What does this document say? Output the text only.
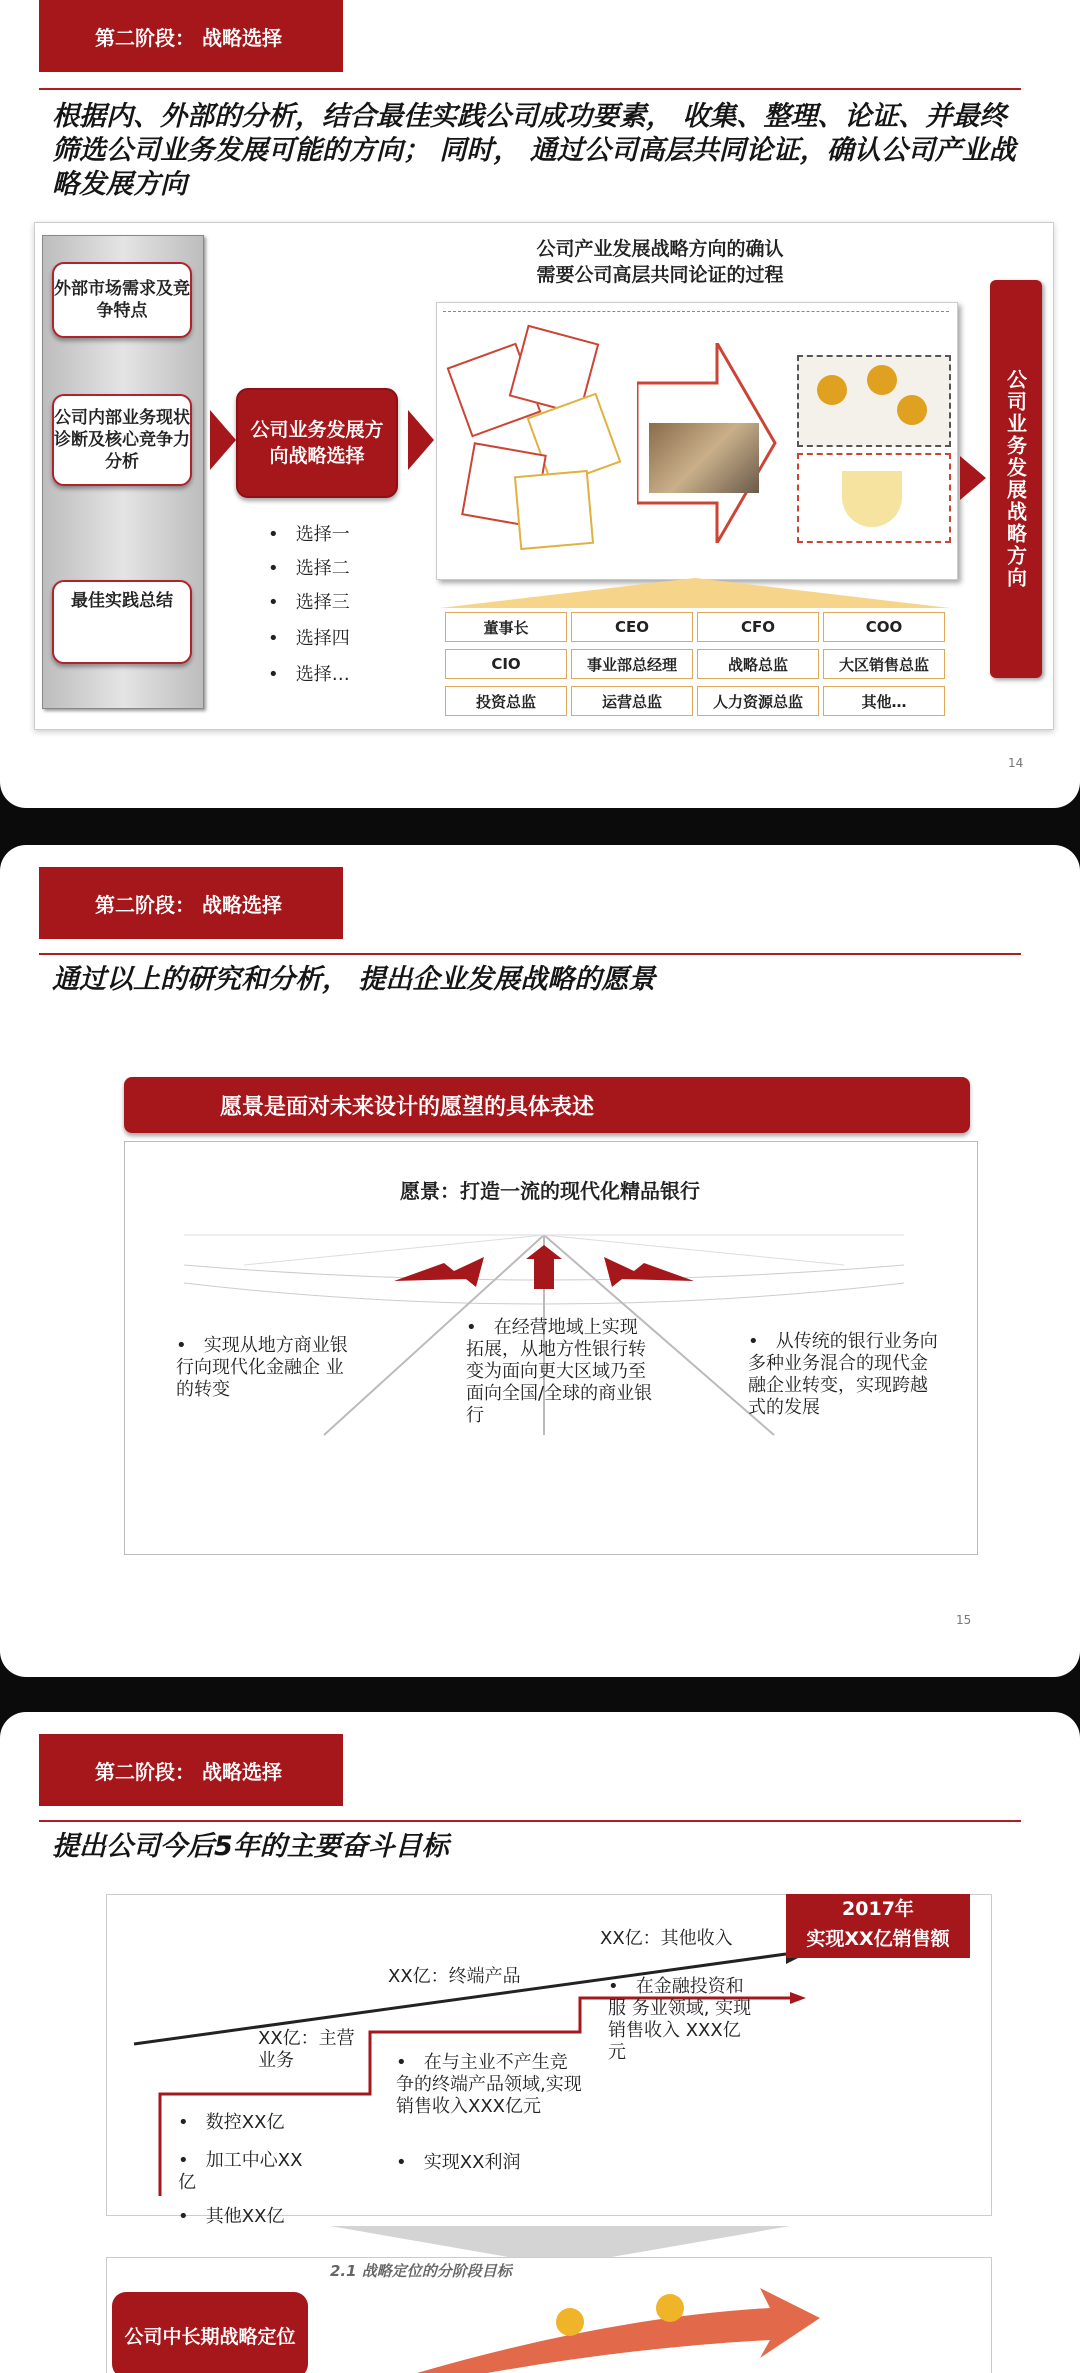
第二阶段： 战略选择
根据内、外部的分析，结合最佳实践公司成功要素， 收集、整理、论证、并最终筛选公司业务发展可能的方向； 同时， 通过公司高层共同论证，确认公司产业战略发展方向
外部市场需求及竞争特点
公司内部业务现状诊断及核心竞争力分析
最佳实践总结
公司业务发展方向战略选择
•   选择一
•   选择二
•   选择三
•   选择四
•   选择…
公司产业发展战略方向的确认
需要公司高层共同论证的过程
董事长	CEO	CFO	COO
CIO	事业部总经理	战略总监	大区销售总监
投资总监	运营总监	人力资源总监	其他…
公司业务发展战略方向
14
第二阶段： 战略选择
通过以上的研究和分析， 提出企业发展战略的愿景
愿景是面对未来设计的愿望的具体表述
愿景：打造一流的现代化精品银行
•   实现从地方商业银 行向现代化金融企 业的转变
•   在经营地域上实现拓展，从地方性银行转变为面向更大区域乃至面向全国/全球的商业银行
•   从传统的银行业务向多种业务混合的现代金融企业转变，实现跨越式的发展
15
第二阶段： 战略选择
提出公司今后5年的主要奋斗目标
2017年
实现XX亿销售额
XX亿：主营业务
•   数控XX亿
•   加工中心XX亿
•   其他XX亿
XX亿：终端产品
•   在与主业不产生竞争的终端产品领域,实现销售收入XXX亿元
•   实现XX利润
XX亿：其他收入
•   在金融投资和服 务业领域, 实现 销售收入 XXX亿 元
2.1 战略定位的分阶段目标
公司中长期战略定位
